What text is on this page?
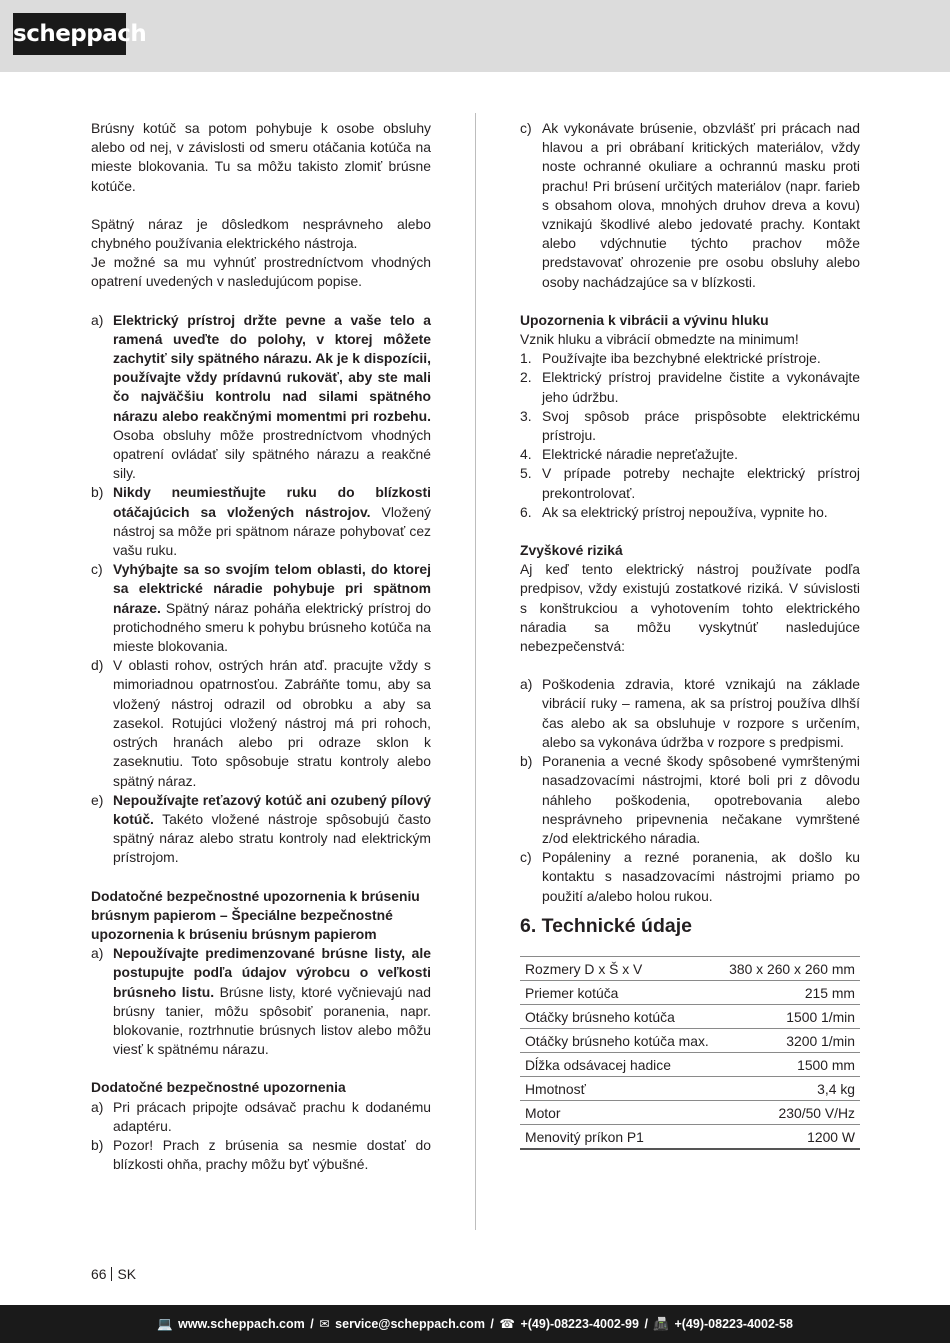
scheppach

Brúsny kotúč sa potom pohybuje k osobe obsluhy alebo od nej, v závislosti od smeru otáčania kotúča na mieste blokovania. Tu sa môžu takisto zlomiť brúsne kotúče.

Spätný náraz je dôsledkom nesprávneho alebo chybného používania elektrického nástroja.

Je možné sa mu vyhnúť prostredníctvom vhodných opatrení uvedených v nasledujúcom popise.

a) Elektrický prístroj držte pevne a vaše telo a ramená uveďte do polohy, v ktorej môžete zachytiť sily spätného nárazu. Ak je k dispozícii, používajte vždy prídavnú rukoväť, aby ste mali čo najväčšiu kontrolu nad silami spätného nárazu alebo reakčnými momentmi pri rozbehu. Osoba obsluhy môže prostredníctvom vhodných opatrení ovládať sily spätného nárazu a reakčné sily.
b) Nikdy neumiestňujte ruku do blízkosti otáčajúcich sa vložených nástrojov. Vložený nástroj sa môže pri spätnom náraze pohybovať cez vašu ruku.
c) Vyhýbajte sa so svojím telom oblasti, do ktorej sa elektrické náradie pohybuje pri spätnom náraze. Spätný náraz poháňa elektrický prístroj do protichodného smeru k pohybu brúsneho kotúča na mieste blokovania.
d) V oblasti rohov, ostrých hrán atď. pracujte vždy s mimoriadnou opatrnosťou. Zabráňte tomu, aby sa vložený nástroj odrazil od obrobku a aby sa zasekol. Rotujúci vložený nástroj má pri rohoch, ostrých hranách alebo pri odraze sklon k zaseknutiu. Toto spôsobuje stratu kontroly alebo spätný náraz.
e) Nepoužívajte reťazový kotúč ani ozubený pílový kotúč. Takéto vložené nástroje spôsobujú často spätný náraz alebo stratu kontroly nad elektrickým prístrojom.

Dodatočné bezpečnostné upozornenia k brúseniu brúsnym papierom – Špeciálne bezpečnostné upozornenia k brúseniu brúsnym papierom

a) Nepoužívajte predimenzované brúsne listy, ale postupujte podľa údajov výrobcu o veľkosti brúsneho listu. Brúsne listy, ktoré vyčnievajú nad brúsny tanier, môžu spôsobiť poranenia, napr. blokovanie, roztrhnutie brúsnych listov alebo môžu viesť k spätnému nárazu.

Dodatočné bezpečnostné upozornenia

a) Pri prácach pripojte odsávač prachu k dodanému adaptéru.
b) Pozor! Prach z brúsenia sa nesmie dostať do blízkosti ohňa, prachy môžu byť výbušné.
c) Ak vykonávate brúsenie, obzvlášť pri prácach nad hlavou a pri obrábaní kritických materiálov, vždy noste ochranné okuliare a ochrannú masku proti prachu! Pri brúsení určitých materiálov (napr. farieb s obsahom olova, mnohých druhov dreva a kovu) vznikajú škodlivé alebo jedovaté prachy. Kontakt alebo vdýchnutie týchto prachov môže predstavovať ohrozenie pre osobu obsluhy alebo osoby nachádzajúce sa v blízkosti.

Upozornenia k vibrácii a vývinu hluku

Vznik hluku a vibrácií obmedzte na minimum!

1. Používajte iba bezchybné elektrické prístroje.
2. Elektrický prístroj pravidelne čistite a vykonávajte jeho údržbu.
3. Svoj spôsob práce prispôsobte elektrickému prístroju.
4. Elektrické náradie nepreťažujte.
5. V prípade potreby nechajte elektrický prístroj prekontrolovať.
6. Ak sa elektrický prístroj nepoužíva, vypnite ho.

Zvyškové riziká

Aj keď tento elektrický nástroj používate podľa predpisov, vždy existujú zostatkové riziká. V súvislosti s konštrukciou a vyhotovením tohto elektrického náradia sa môžu vyskytnúť nasledujúce nebezpečenstvá:

a) Poškodenia zdravia, ktoré vznikajú na základe vibrácií ruky – ramena, ak sa prístroj používa dlhší čas alebo ak sa obsluhuje v rozpore s určením, alebo sa vykonáva údržba v rozpore s predpismi.
b) Poranenia a vecné škody spôsobené vymrštenými nasadzovacími nástrojmi, ktoré boli pri z dôvodu náhleho poškodenia, opotrebovania alebo nesprávneho pripevnenia nečakane vymrštené z/od elektrického náradia.
c) Popáleniny a rezné poranenia, ak došlo ku kontaktu s nasadzovacími nástrojmi priamo po použití a/alebo holou rukou.
6. Technické údaje
Rozmery D x Š x V	380 x 260 x 260 mm
Priemer kotúča	215 mm
Otáčky brúsneho kotúča	1500 1/min
Otáčky brúsneho kotúča max.	3200 1/min
Dĺžka odsávacej hadice	1500 mm
Hmotnosť	3,4 kg
Motor	230/50 V/Hz
Menovitý príkon P1	1200 W
66 SK
💻 www.scheppach.com / ✉ service@scheppach.com / ☎ +(49)-08223-4002-99 / 📠 +(49)-08223-4002-58
